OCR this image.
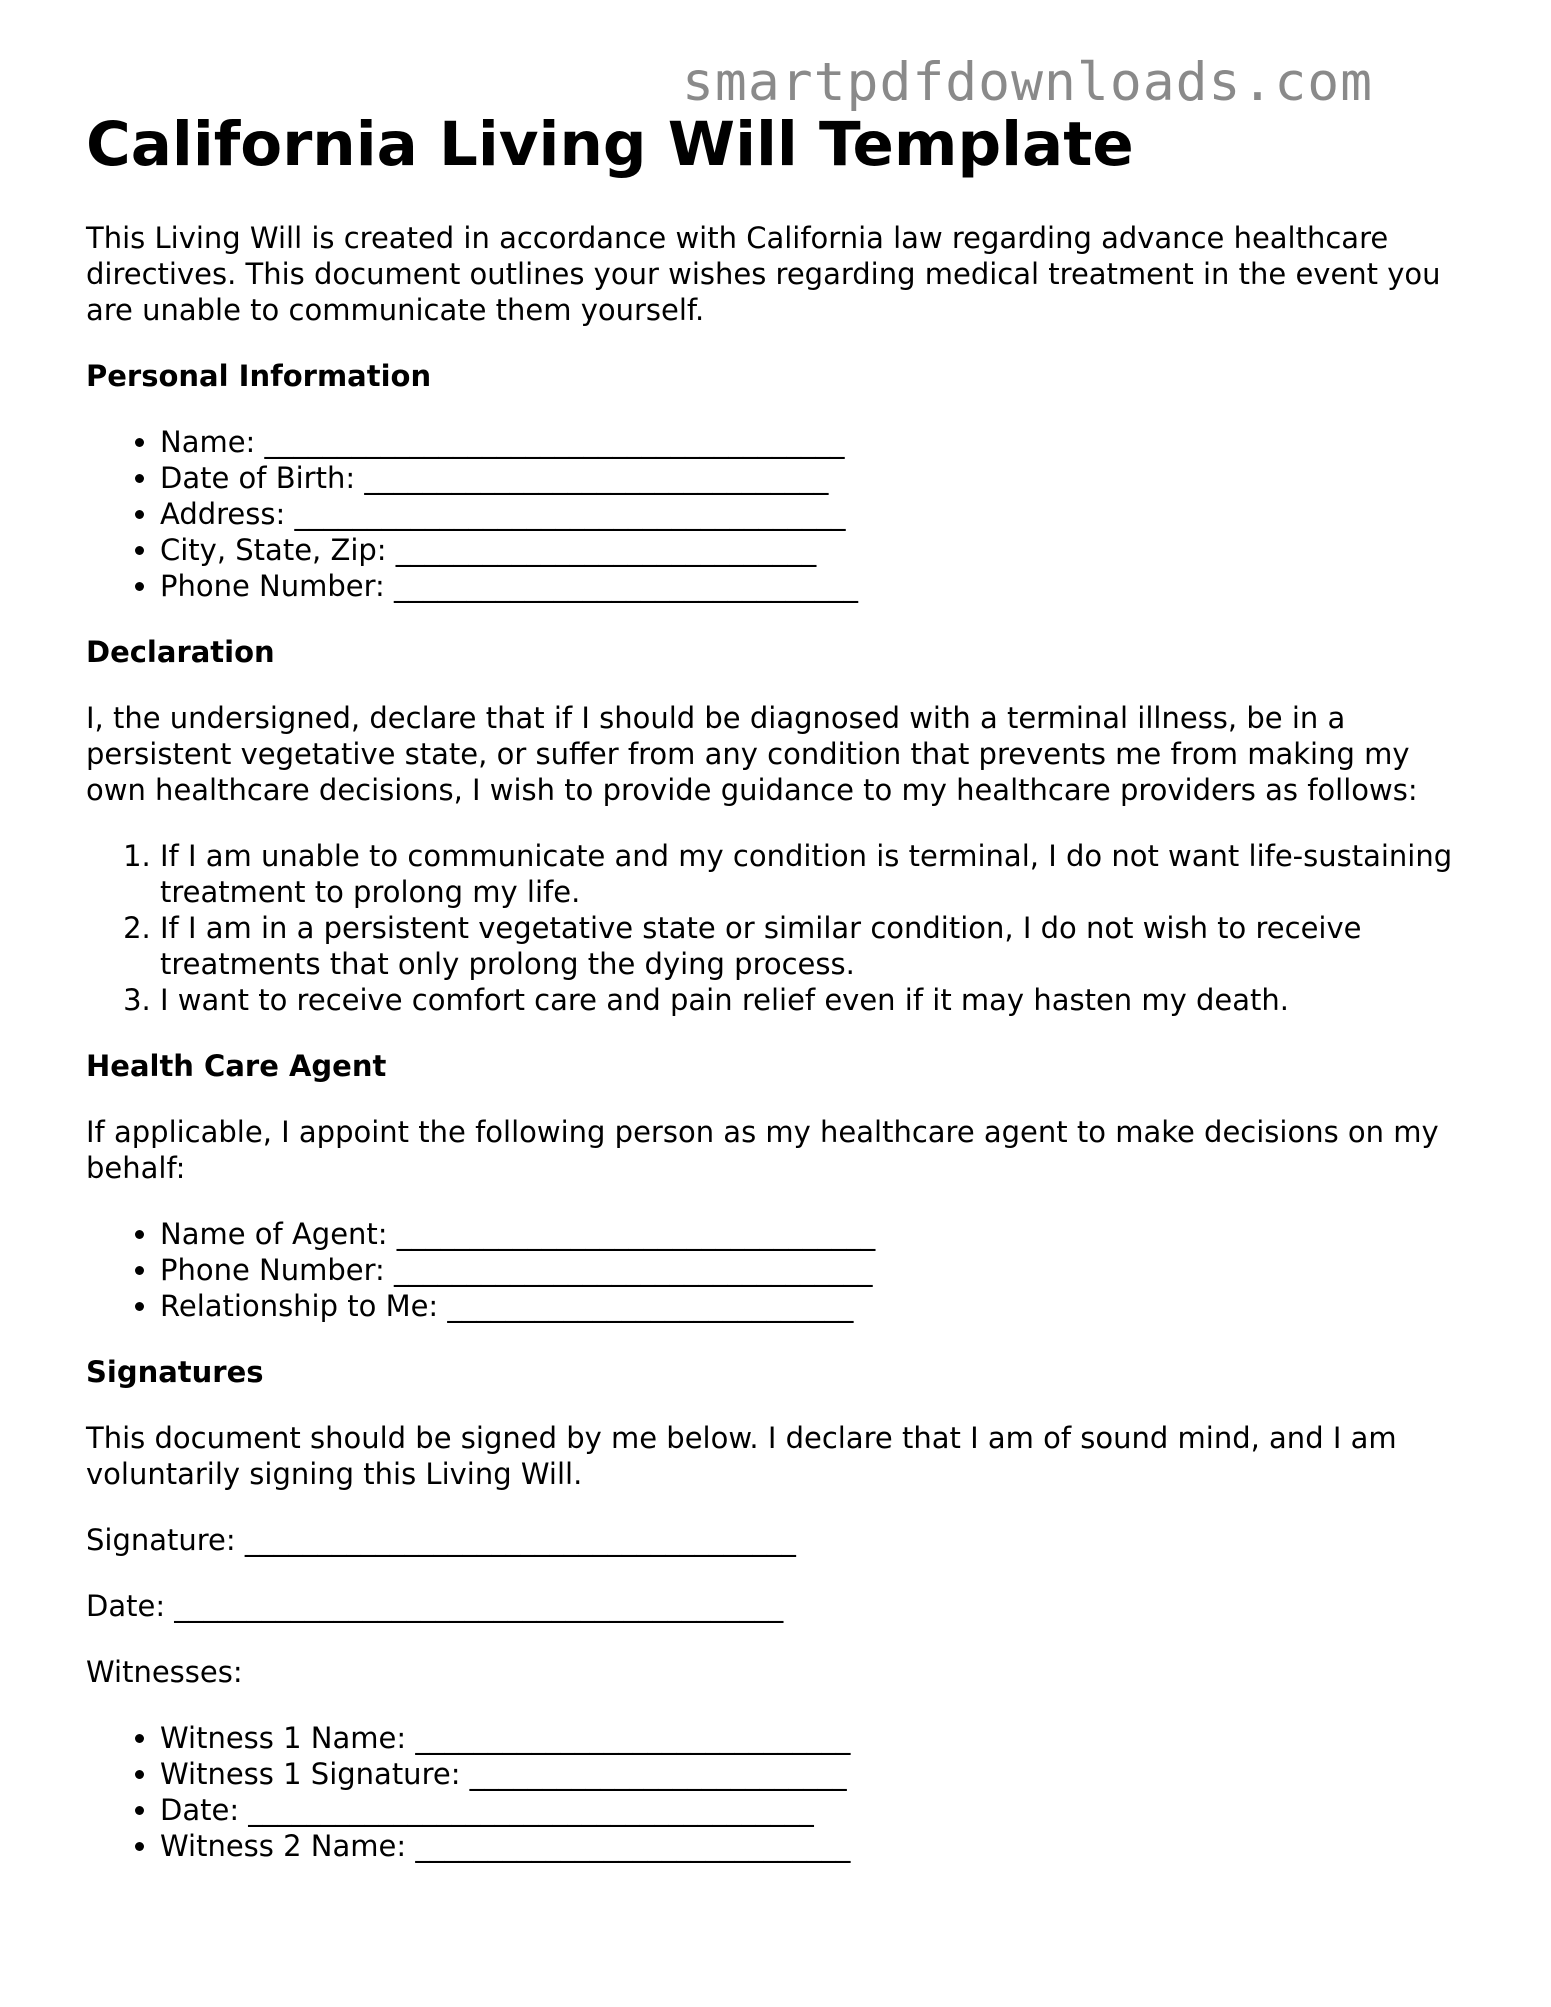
smartpdfdownloads.com
California Living Will Template

This Living Will is created in accordance with California law regarding advance healthcare directives. This document outlines your wishes regarding medical treatment in the event you are unable to communicate them yourself.

Personal Information
• Name: ________________________________________
• Date of Birth: ________________________________
• Address: ______________________________________
• City, State, Zip: _____________________________
• Phone Number: ________________________________
Declaration

I, the undersigned, declare that if I should be diagnosed with a terminal illness, be in a persistent vegetative state, or suffer from any condition that prevents me from making my own healthcare decisions, I wish to provide guidance to my healthcare providers as follows:

1. If I am unable to communicate and my condition is terminal, I do not want life-sustaining treatment to prolong my life.
2. If I am in a persistent vegetative state or similar condition, I do not wish to receive treatments that only prolong the dying process.
3. I want to receive comfort care and pain relief even if it may hasten my death.
Health Care Agent

If applicable, I appoint the following person as my healthcare agent to make decisions on my behalf:

• Name of Agent: _________________________________
• Phone Number: _________________________________
• Relationship to Me: ____________________________
Signatures

This document should be signed by me below. I declare that I am of sound mind, and I am voluntarily signing this Living Will.

Signature: ______________________________________

Date: __________________________________________

Witnesses:

• Witness 1 Name: ______________________________
• Witness 1 Signature: __________________________
• Date: _______________________________________
• Witness 2 Name: ______________________________
